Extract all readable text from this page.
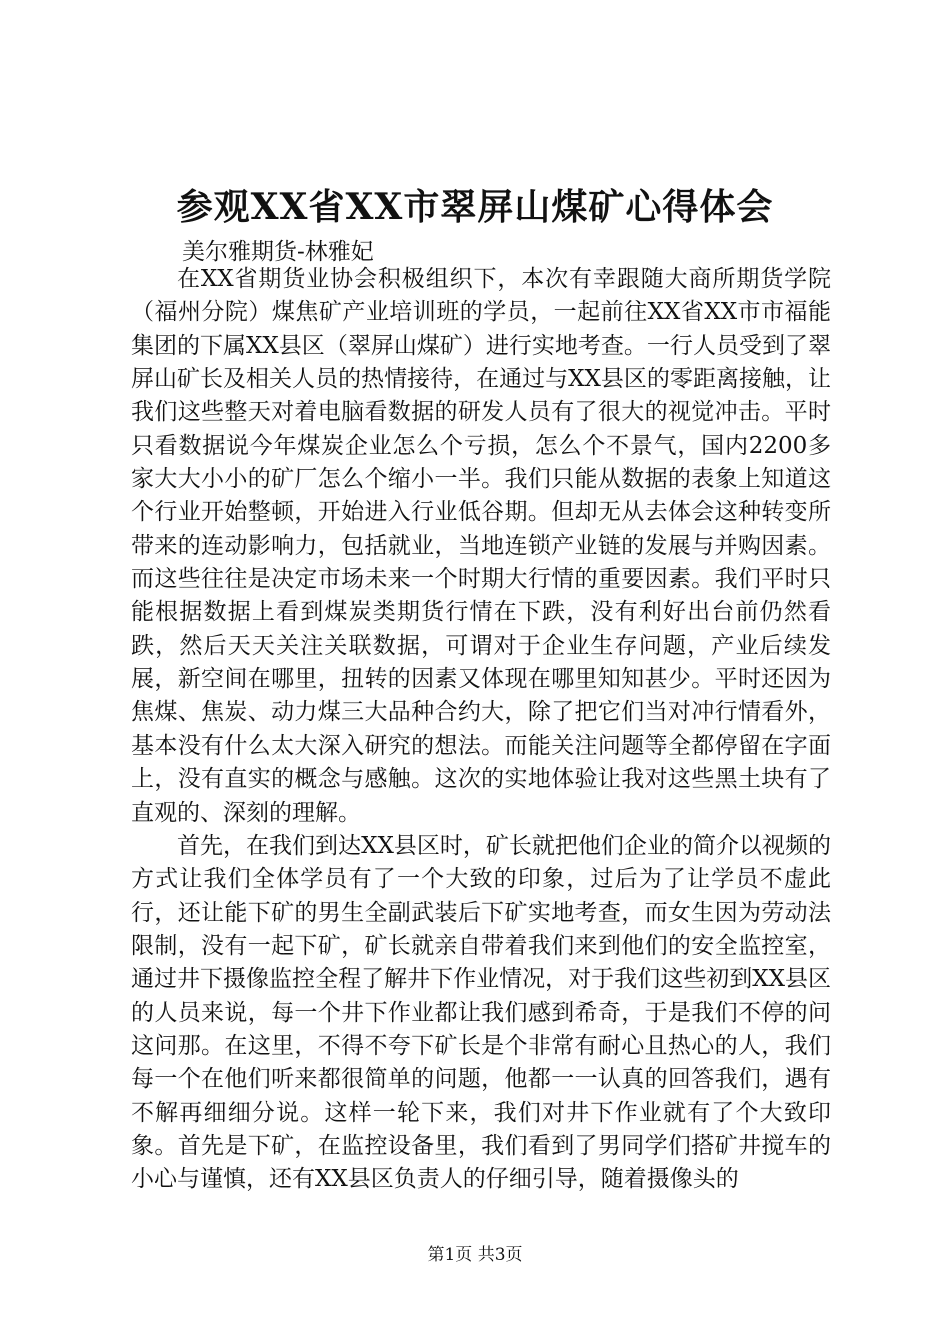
参观XX省XX市翠屏山煤矿心得体会

美尔雅期货-林雅妃

在XX省期货业协会积极组织下，本次有幸跟随大商所期货学院（福州分院）煤焦矿产业培训班的学员，一起前往XX省XX市市福能集团的下属XX县区（翠屏山煤矿）进行实地考查。一行人员受到了翠屏山矿长及相关人员的热情接待，在通过与XX县区的零距离接触，让我们这些整天对着电脑看数据的研发人员有了很大的视觉冲击。平时只看数据说今年煤炭企业怎么个亏损，怎么个不景气，国内2200多家大大小小的矿厂怎么个缩小一半。我们只能从数据的表象上知道这个行业开始整顿，开始进入行业低谷期。但却无从去体会这种转变所带来的连动影响力，包括就业，当地连锁产业链的发展与并购因素。而这些往往是决定市场未来一个时期大行情的重要因素。我们平时只能根据数据上看到煤炭类期货行情在下跌，没有利好出台前仍然看跌，然后天天关注关联数据，可谓对于企业生存问题，产业后续发展，新空间在哪里，扭转的因素又体现在哪里知知甚少。平时还因为焦煤、焦炭、动力煤三大品种合约大，除了把它们当对冲行情看外，基本没有什么太大深入研究的想法。而能关注问题等全都停留在字面上，没有直实的概念与感触。这次的实地体验让我对这些黑土块有了直观的、深刻的理解。

首先，在我们到达XX县区时，矿长就把他们企业的简介以视频的方式让我们全体学员有了一个大致的印象，过后为了让学员不虚此行，还让能下矿的男生全副武装后下矿实地考查，而女生因为劳动法限制，没有一起下矿，矿长就亲自带着我们来到他们的安全监控室，通过井下摄像监控全程了解井下作业情况，对于我们这些初到XX县区的人员来说，每一个井下作业都让我们感到希奇，于是我们不停的问这问那。在这里，不得不夸下矿长是个非常有耐心且热心的人，我们每一个在他们听来都很简单的问题，他都一一认真的回答我们，遇有不解再细细分说。这样一轮下来，我们对井下作业就有了个大致印象。首先是下矿，在监控设备里，我们看到了男同学们搭矿井搅车的小心与谨慎，还有XX县区负责人的仔细引导，随着摄像头的

第1页 共3页
